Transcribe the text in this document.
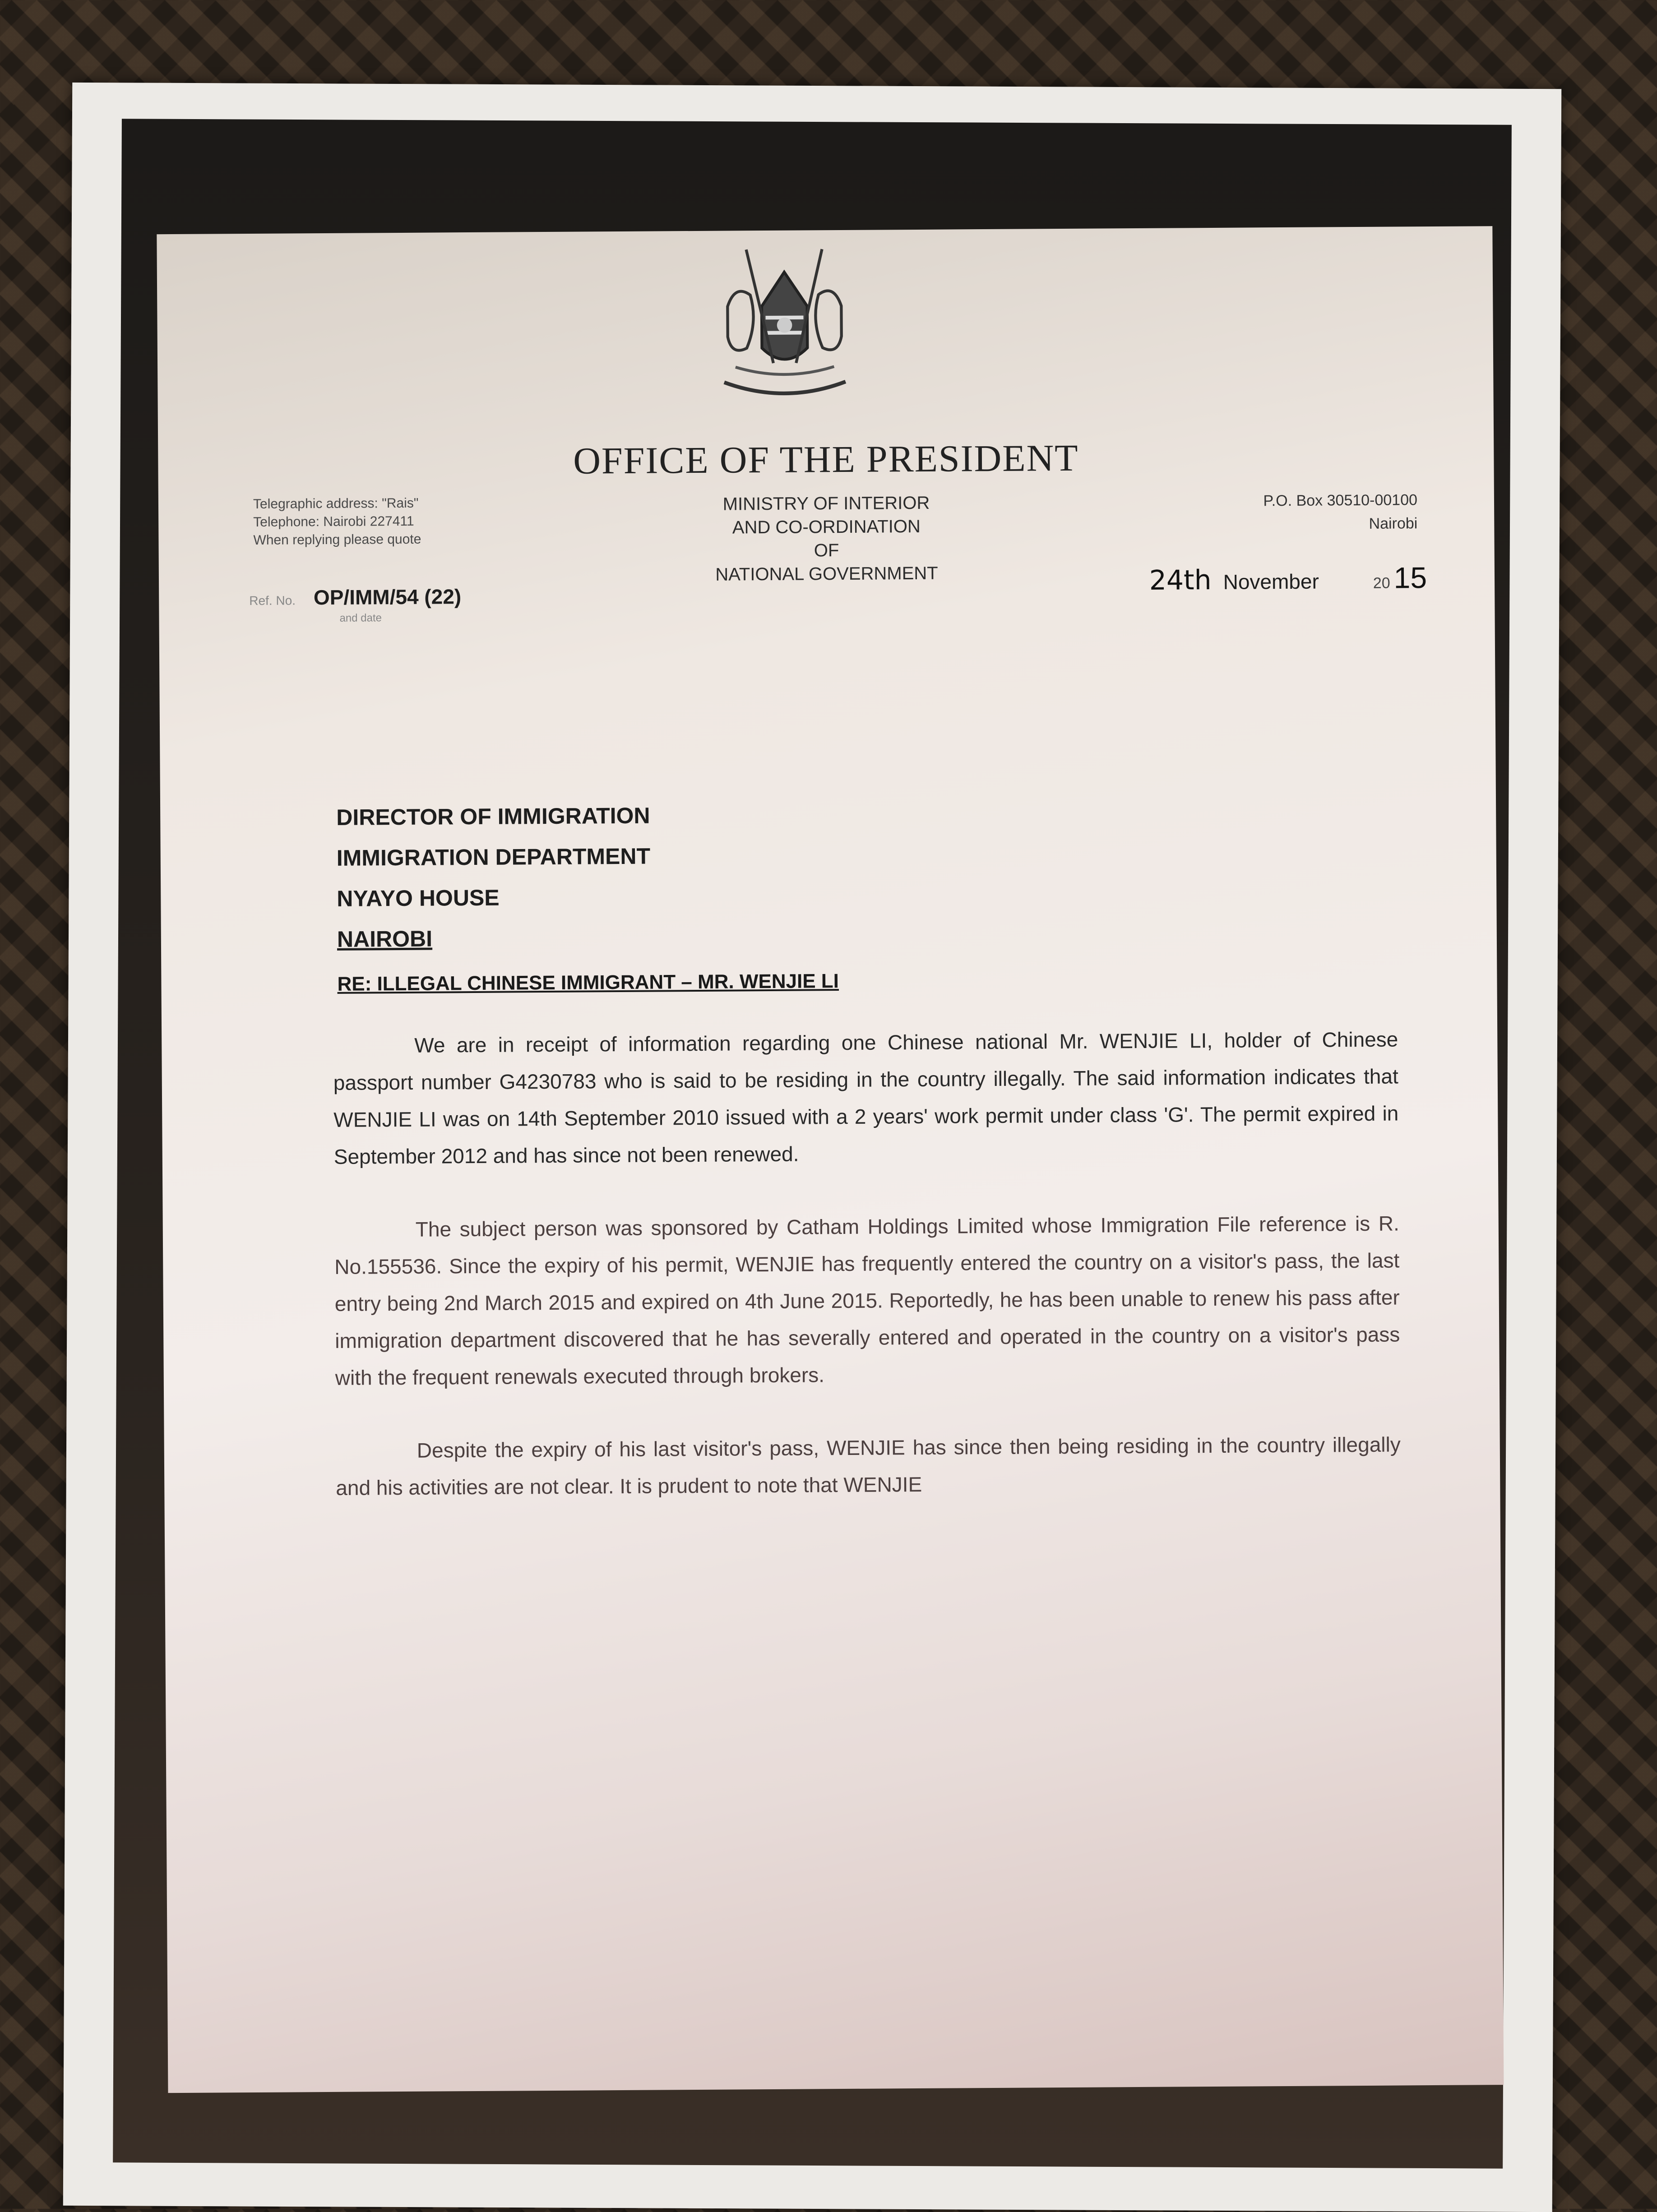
OFFICE OF THE PRESIDENT
Telegraphic address: "Rais"
Telephone: Nairobi 227411
When replying please quote
MINISTRY OF INTERIOR
AND CO-ORDINATION
OF
NATIONAL GOVERNMENT
P.O. Box 30510-00100
Nairobi
Ref. No. OP/IMM/54 (22)
and date
24th November	20 15
DIRECTOR OF IMMIGRATION
IMMIGRATION DEPARTMENT
NYAYO HOUSE
NAIROBI
RE: ILLEGAL CHINESE IMMIGRANT – MR. WENJIE LI

We are in receipt of information regarding one Chinese national Mr. WENJIE LI, holder of Chinese passport number G4230783 who is said to be residing in the country illegally. The said information indicates that WENJIE LI was on 14th September 2010 issued with a 2 years' work permit under class 'G'. The permit expired in September 2012 and has since not been renewed.

The subject person was sponsored by Catham Holdings Limited whose Immigration File reference is R. No.155536. Since the expiry of his permit, WENJIE has frequently entered the country on a visitor's pass, the last entry being 2nd March 2015 and expired on 4th June 2015. Reportedly, he has been unable to renew his pass after immigration department discovered that he has severally entered and operated in the country on a visitor's pass with the frequent renewals executed through brokers.

Despite the expiry of his last visitor's pass, WENJIE has since then being residing in the country illegally and his activities are not clear. It is prudent to note that WENJIE
